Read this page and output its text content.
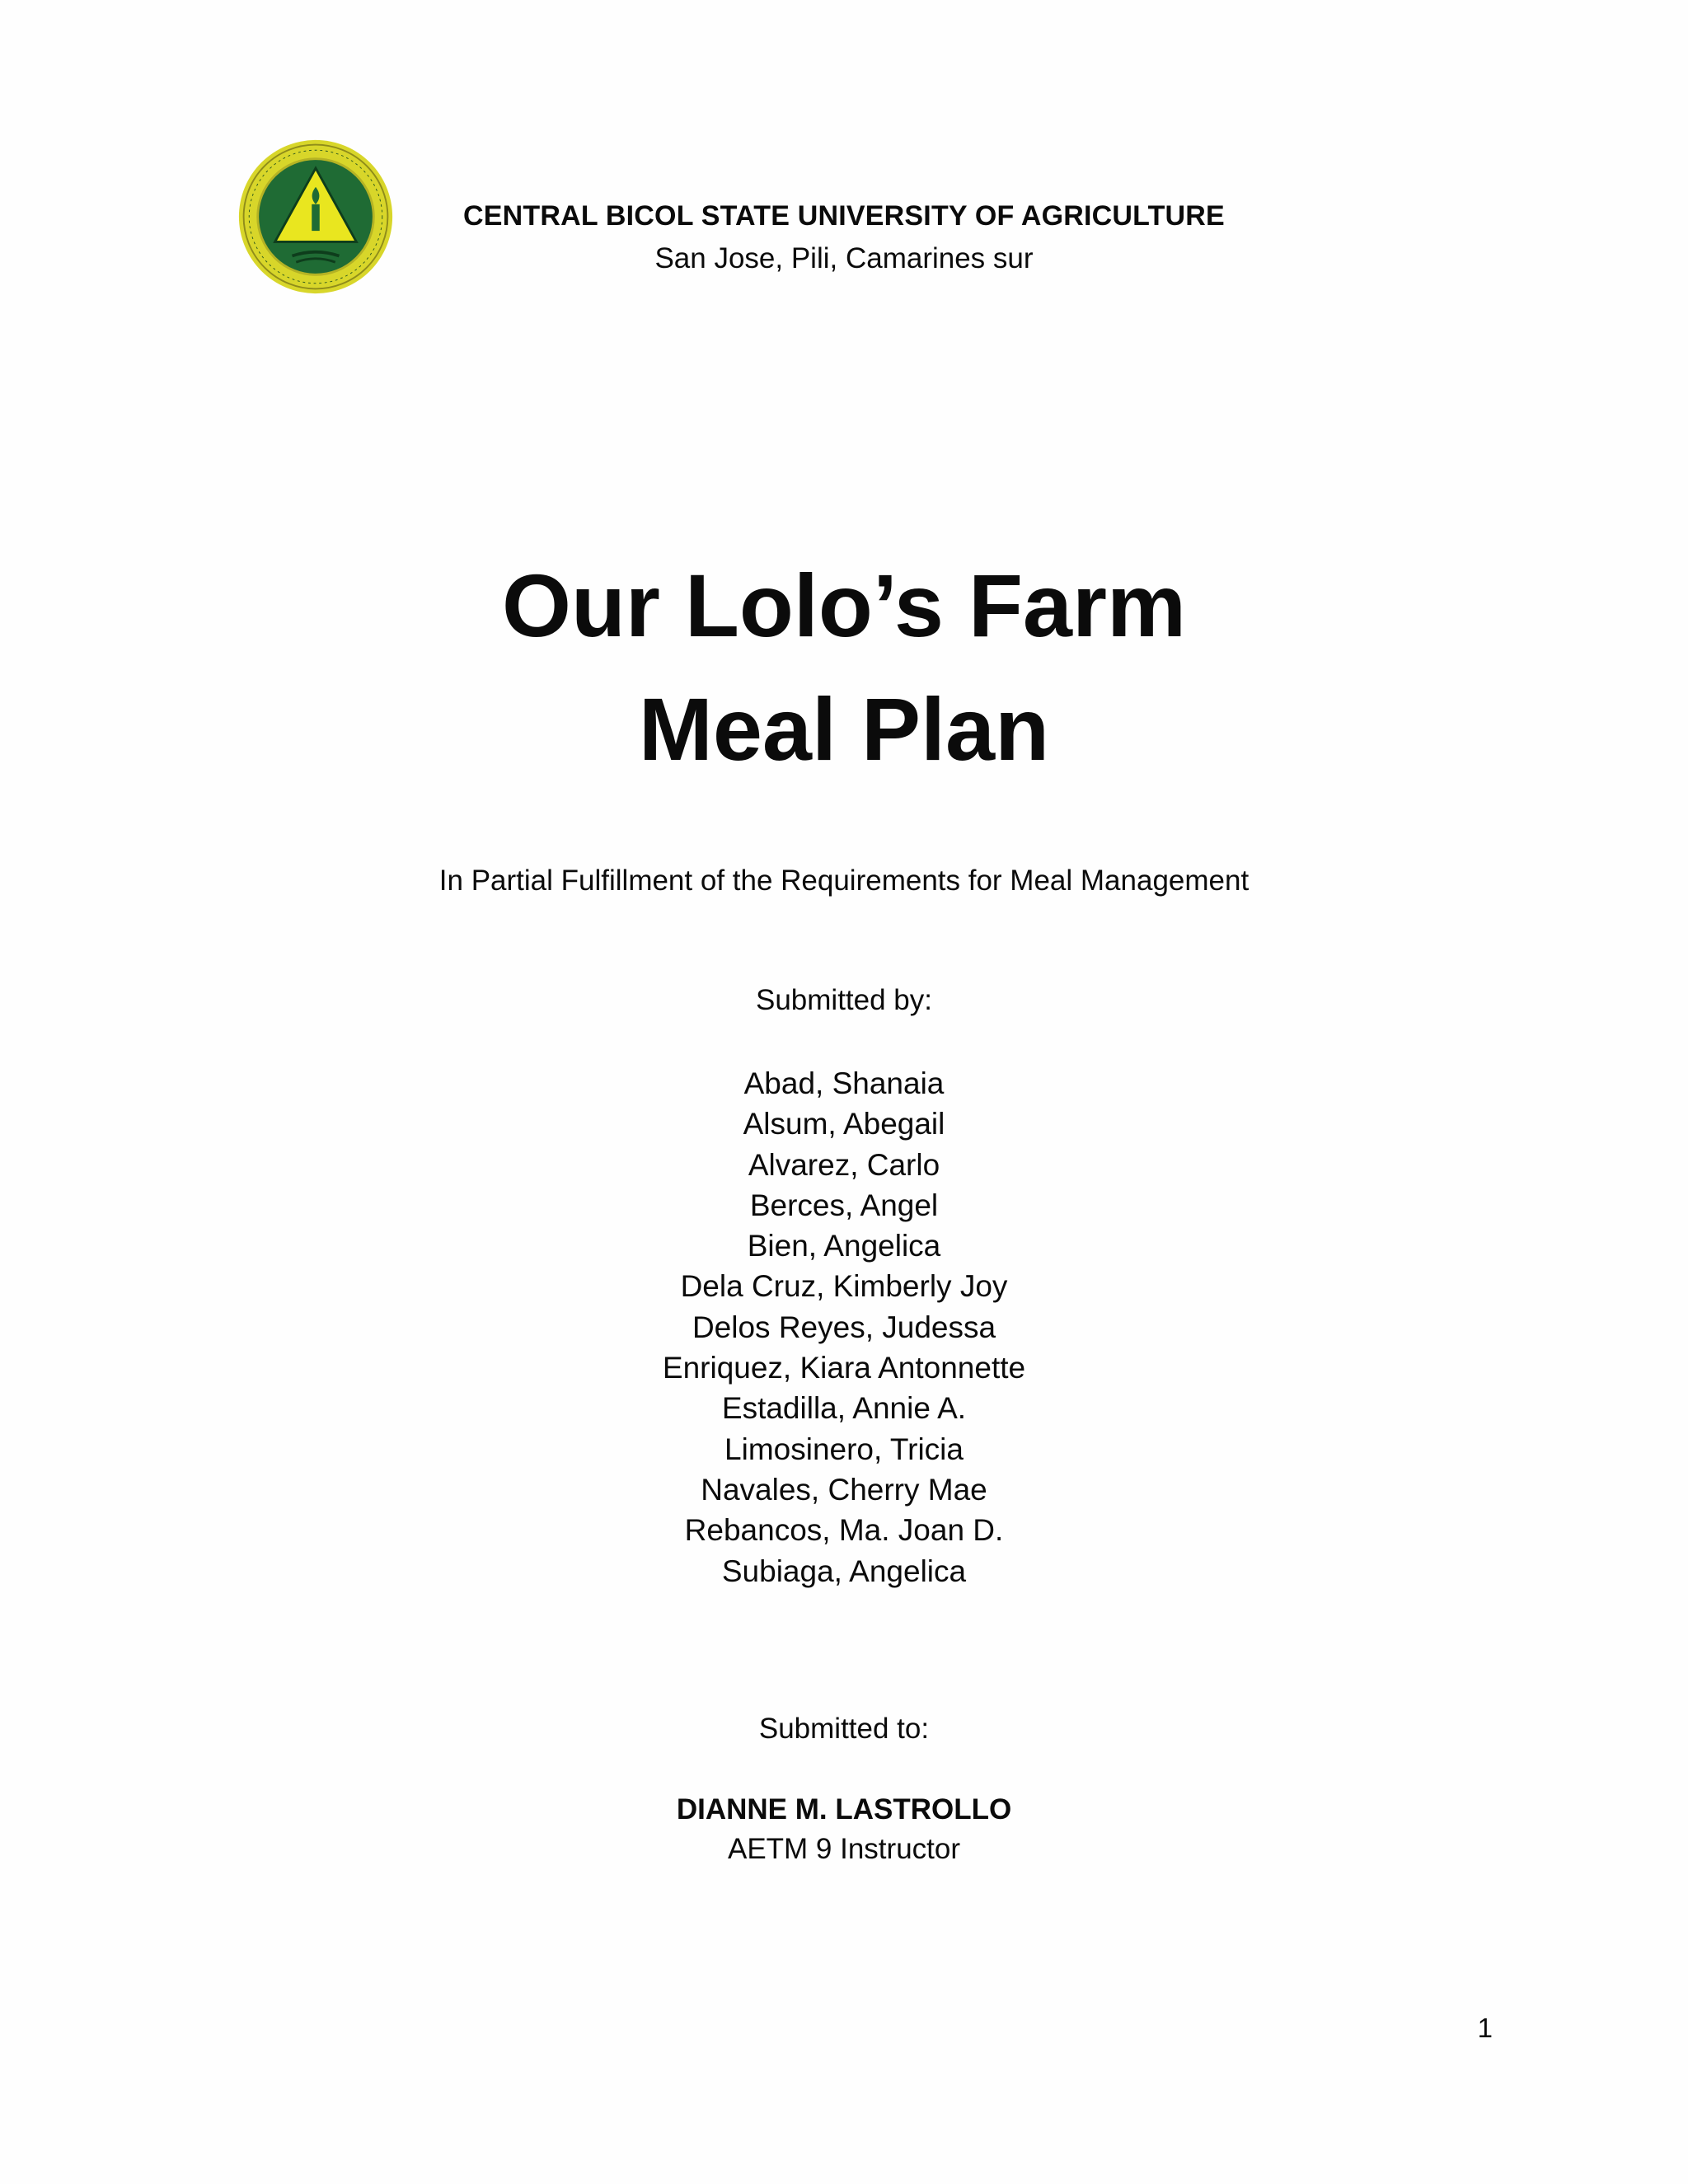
CENTRAL BICOL STATE UNIVERSITY OF AGRICULTURE
San Jose, Pili, Camarines sur
Our Lolo’s Farm
Meal Plan
In Partial Fulfillment of the Requirements for Meal Management
Submitted by:
Abad, Shanaia
Alsum, Abegail
Alvarez, Carlo
Berces, Angel
Bien, Angelica
Dela Cruz, Kimberly Joy
Delos Reyes, Judessa
Enriquez, Kiara Antonnette
Estadilla, Annie A.
Limosinero, Tricia
Navales, Cherry Mae
Rebancos, Ma. Joan D.
Subiaga, Angelica
Submitted to:
DIANNE M. LASTROLLO
AETM 9 Instructor
1
